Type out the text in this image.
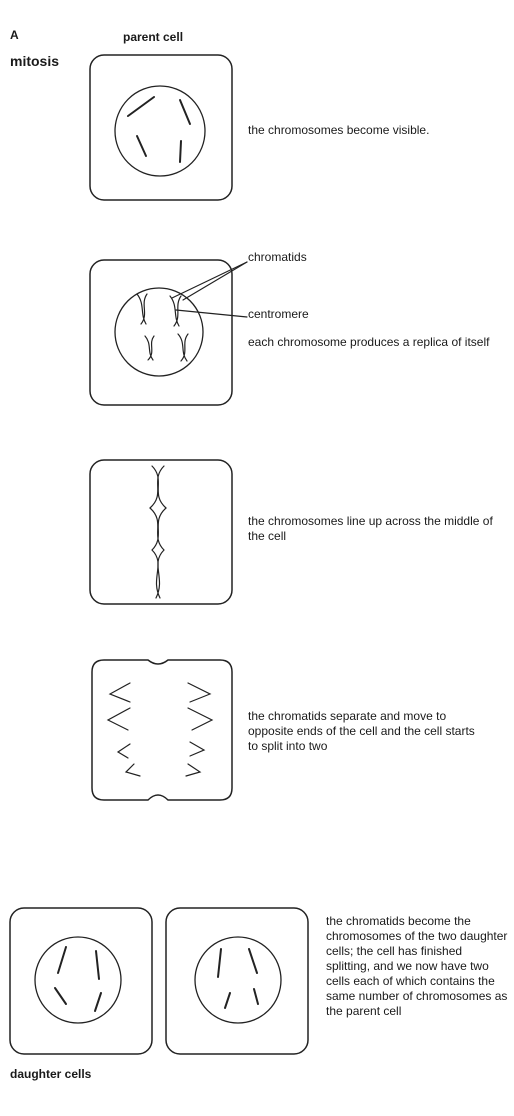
A
mitosis
parent cell
the chromosomes become visible.
chromatids
centromere
each chromosome produces a replica of itself
the chromosomes line up across the middle of the cell
the chromatids separate and move to opposite ends of the cell and the cell starts to split into two
the chromatids become the chromosomes of the two daughter cells; the cell has finished splitting, and we now have two cells each of which contains the same number of chromosomes as the parent cell
daughter cells
